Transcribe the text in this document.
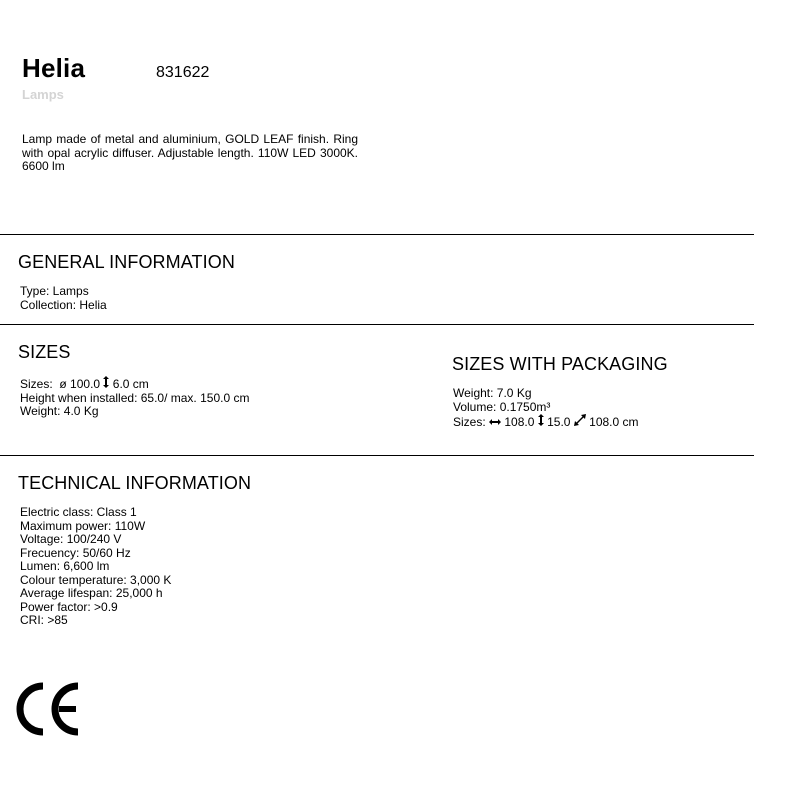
Helia	831622
Lamps
Lamp made of metal and aluminium, GOLD LEAF finish. Ring with opal acrylic diffuser. Adjustable length. 110W LED 3000K. 6600 lm
GENERAL INFORMATION
Type: Lamps
Collection: Helia
SIZES
Sizes: ø 100.0 6.0 cm
Height when installed: 65.0/ max. 150.0 cm
Weight: 4.0 Kg
SIZES WITH PACKAGING
Weight: 7.0 Kg
Volume: 0.1750m³
Sizes: 108.0 15.0 108.0 cm
TECHNICAL INFORMATION
Electric class: Class 1
Maximum power: 110W
Voltage: 100/240 V
Frecuency: 50/60 Hz
Lumen: 6,600 lm
Colour temperature: 3,000 K
Average lifespan: 25,000 h
Power factor: >0.9
CRI: >85
